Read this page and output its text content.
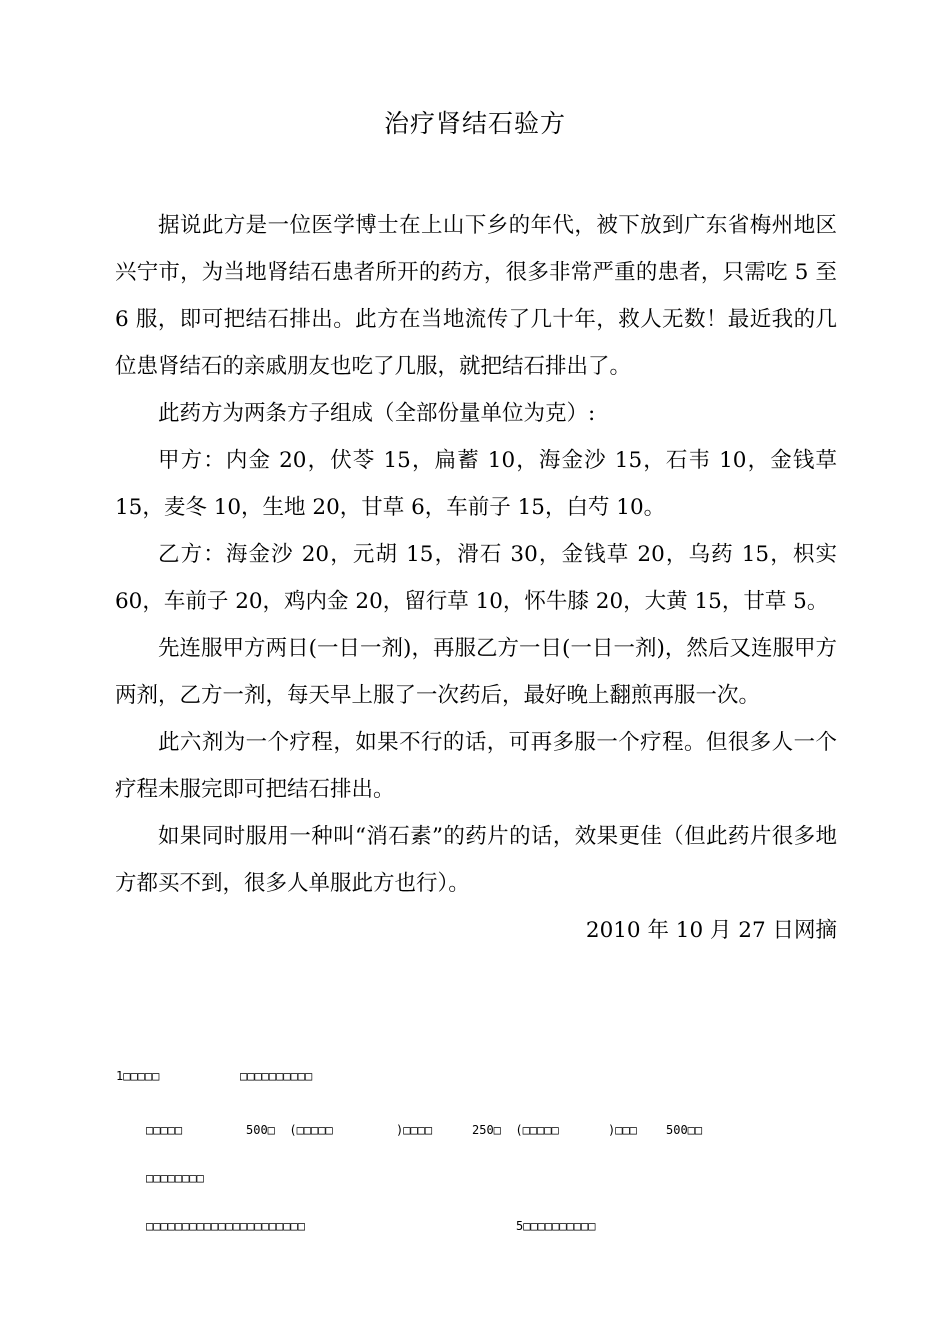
治疗肾结石验方

据说此方是一位医学博士在上山下乡的年代，被下放到广东省梅州地区兴宁市，为当地肾结石患者所开的药方，很多非常严重的患者，只需吃 5 至 6 服，即可把结石排出。此方在当地流传了几十年，救人无数！最近我的几位患肾结石的亲戚朋友也吃了几服，就把结石排出了。

此药方为两条方子组成（全部份量单位为克）:

甲方：内金 20，伏苓 15，扁蓄 10，海金沙 15，石韦 10，金钱草 15，麦冬 10，生地 20，甘草 6，车前子 15，白芍 10。

乙方：海金沙 20，元胡 15，滑石 30，金钱草 20，乌药 15，枳实 60，车前子 20，鸡内金 20，留行草 10，怀牛膝 20，大黄 15，甘草 5。

先连服甲方两日(一日一剂)，再服乙方一日(一日一剂)，然后又连服甲方两剂，乙方一剂，每天早上服了一次药后，最好晚上翻煎再服一次。

此六剂为一个疗程，如果不行的话，可再多服一个疗程。但很多人一个疗程未服完即可把结石排出。

如果同时服用一种叫“消石素”的药片的话，效果更佳（但此药片很多地方都买不到，很多人单服此方也行）。

2010 年 10 月 27 日网摘

1□□□□□	□□□□□□□□□□
□□□□□	500□  (□□□□□	)□□□□	250□  (□□□□□	)□□□ 500□□
□□□□□□□□
□□□□□□□□□□□□□□□□□□□□□□	5□□□□□□□□□□
